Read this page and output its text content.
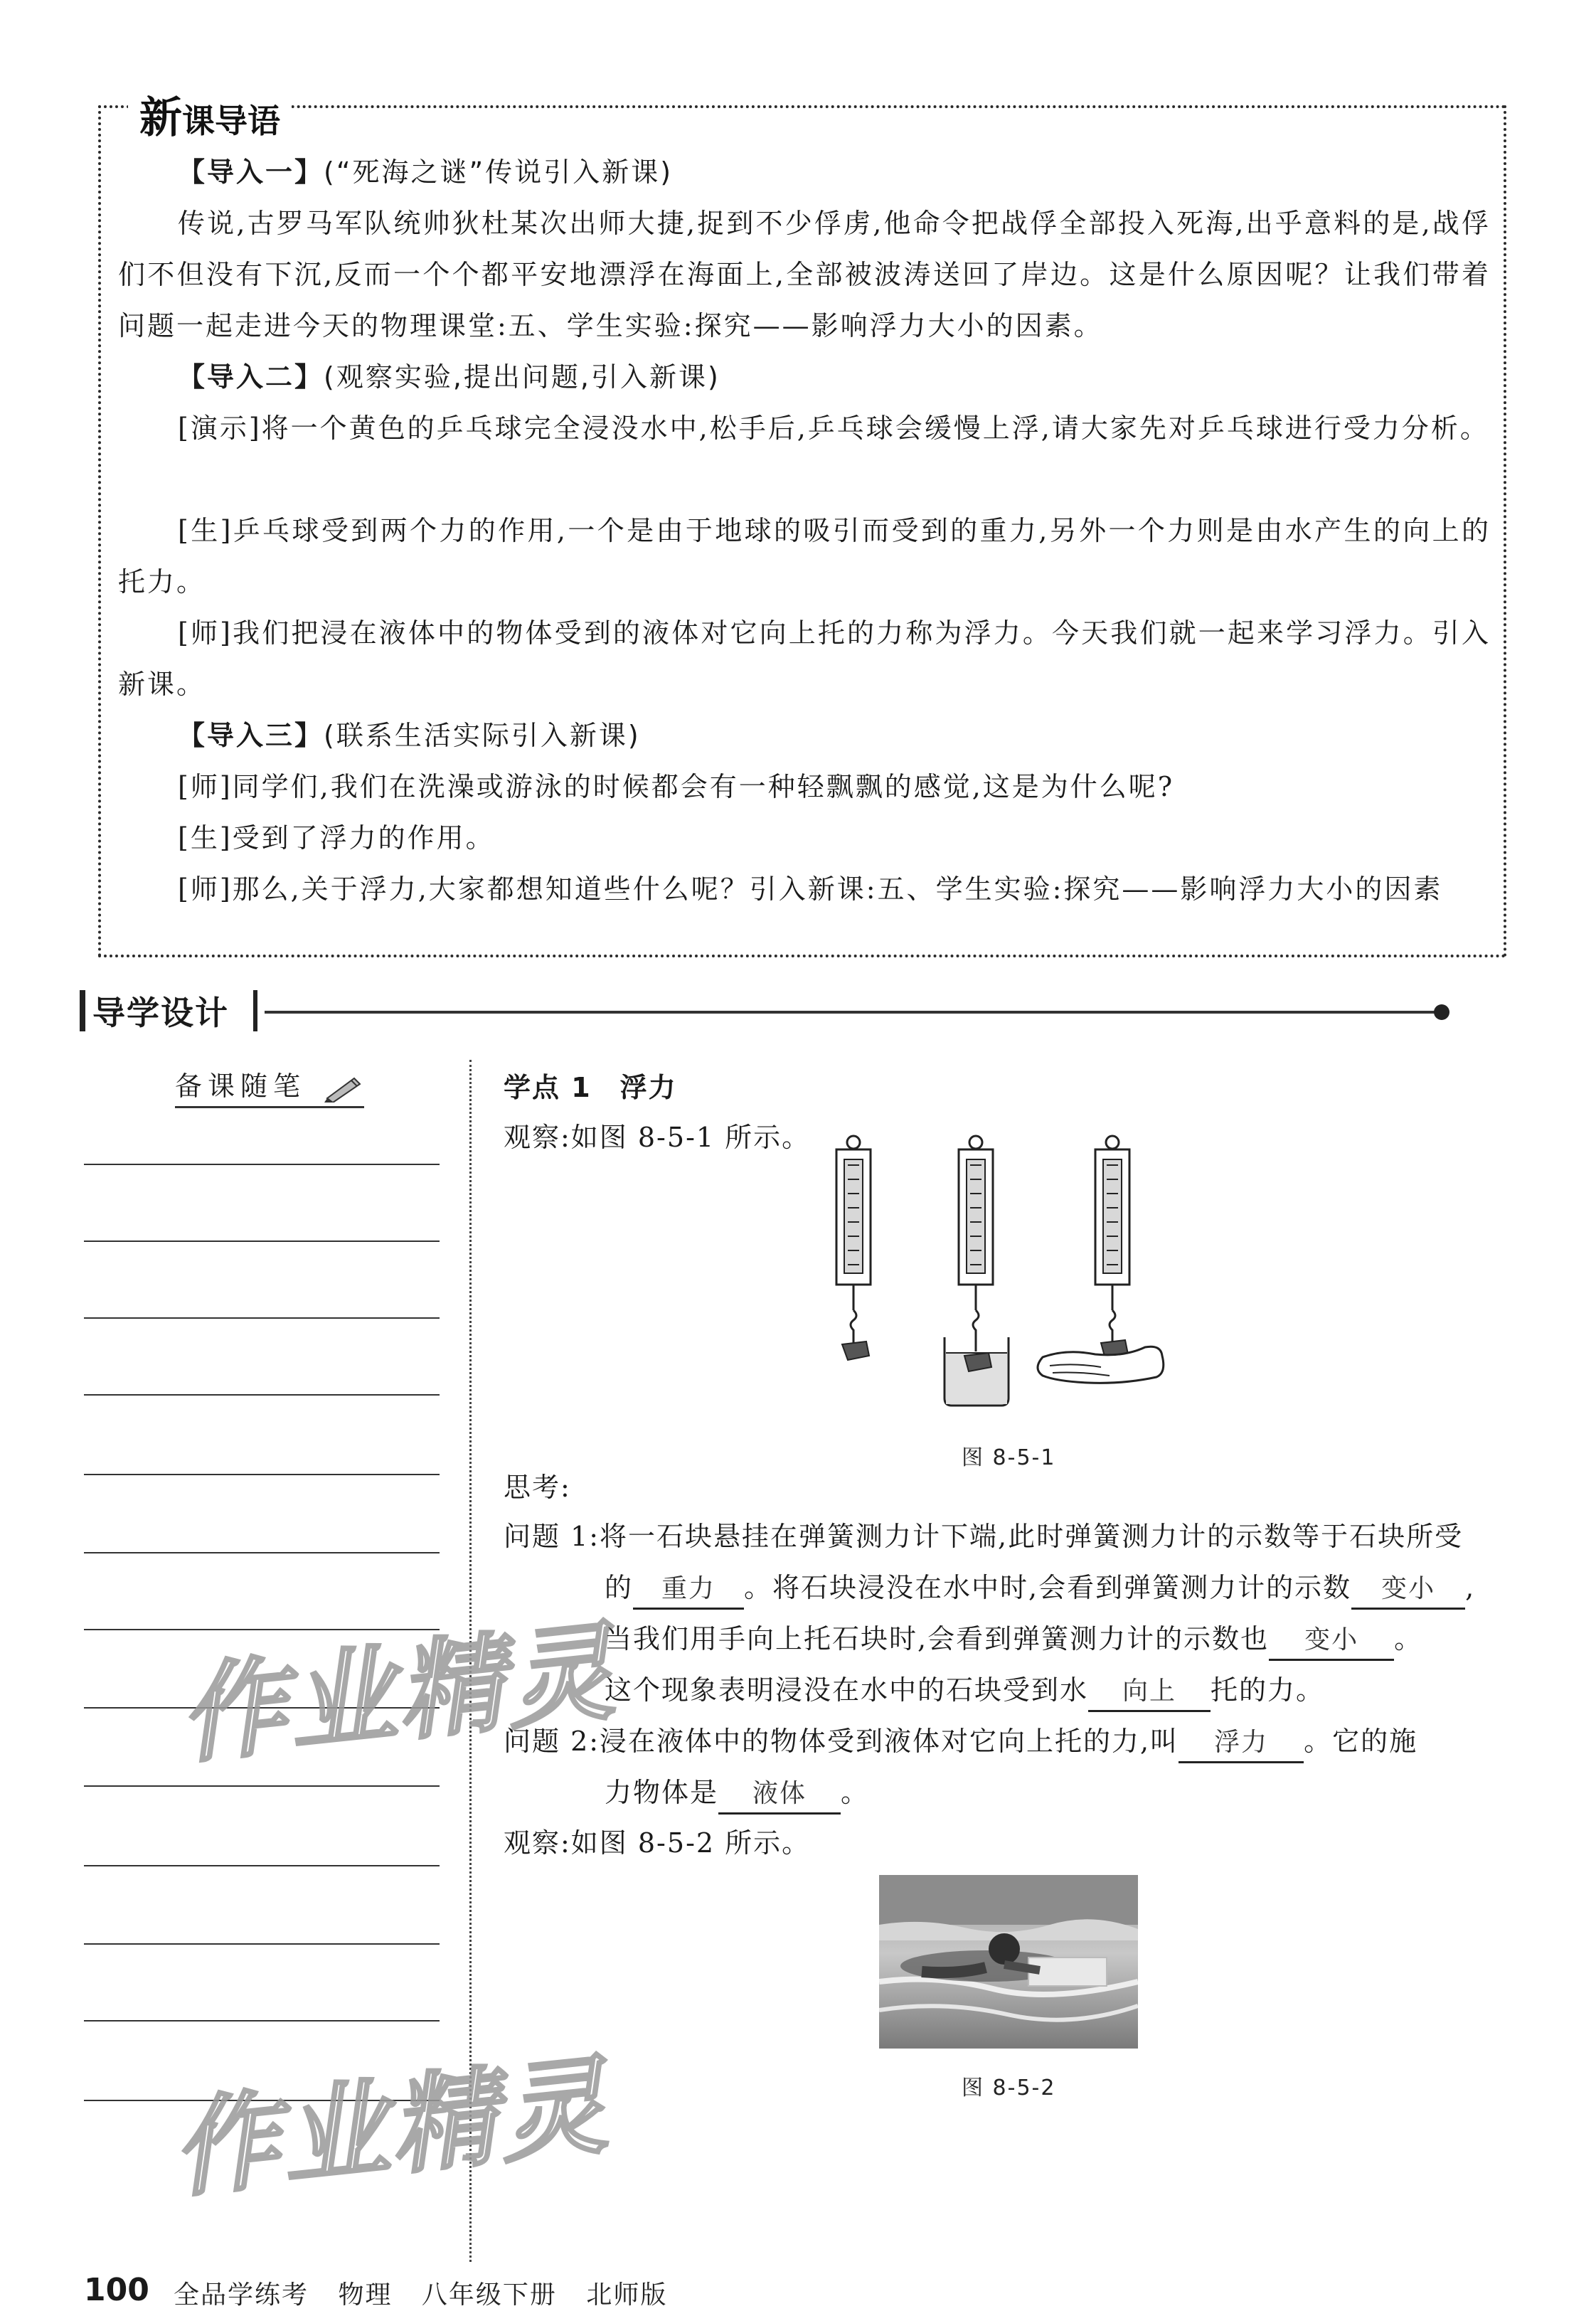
新课导语

【导入一】(“死海之谜”传说引入新课)

传说,古罗马军队统帅狄杜某次出师大捷,捉到不少俘虏,他命令把战俘全部投入死海,出乎意料的是,战俘们不但没有下沉,反而一个个都平安地漂浮在海面上,全部被波涛送回了岸边。这是什么原因呢？让我们带着问题一起走进今天的物理课堂:五、学生实验:探究——影响浮力大小的因素。

【导入二】(观察实验,提出问题,引入新课)

[演示]将一个黄色的乒乓球完全浸没水中,松手后,乒乓球会缓慢上浮,请大家先对乒乓球进行受力分析。

[生]乒乓球受到两个力的作用,一个是由于地球的吸引而受到的重力,另外一个力则是由水产生的向上的托力。

[师]我们把浸在液体中的物体受到的液体对它向上托的力称为浮力。今天我们就一起来学习浮力。引入新课。

【导入三】(联系生活实际引入新课)

[师]同学们,我们在洗澡或游泳的时候都会有一种轻飘飘的感觉,这是为什么呢?

[生]受到了浮力的作用。

[师]那么,关于浮力,大家都想知道些什么呢？引入新课:五、学生实验:探究——影响浮力大小的因素

导学设计
备课随笔
作业精灵
作业精灵

学点 1 浮力

观察:如图 8-5-1 所示。

图 8-5-1

思考:

问题 1:将一石块悬挂在弹簧测力计下端,此时弹簧测力计的示数等于石块所受

的 重力 。将石块浸没在水中时,会看到弹簧测力计的示数 变小 ,

当我们用手向上托石块时,会看到弹簧测力计的示数也 变小 。

这个现象表明浸没在水中的石块受到水 向上 托的力。

问题 2:浸在液体中的物体受到液体对它向上托的力,叫 浮力 。它的施

力物体是 液体 。

观察:如图 8-5-2 所示。

图 8-5-2
100 全品学练考 物理 八年级下册 北师版
